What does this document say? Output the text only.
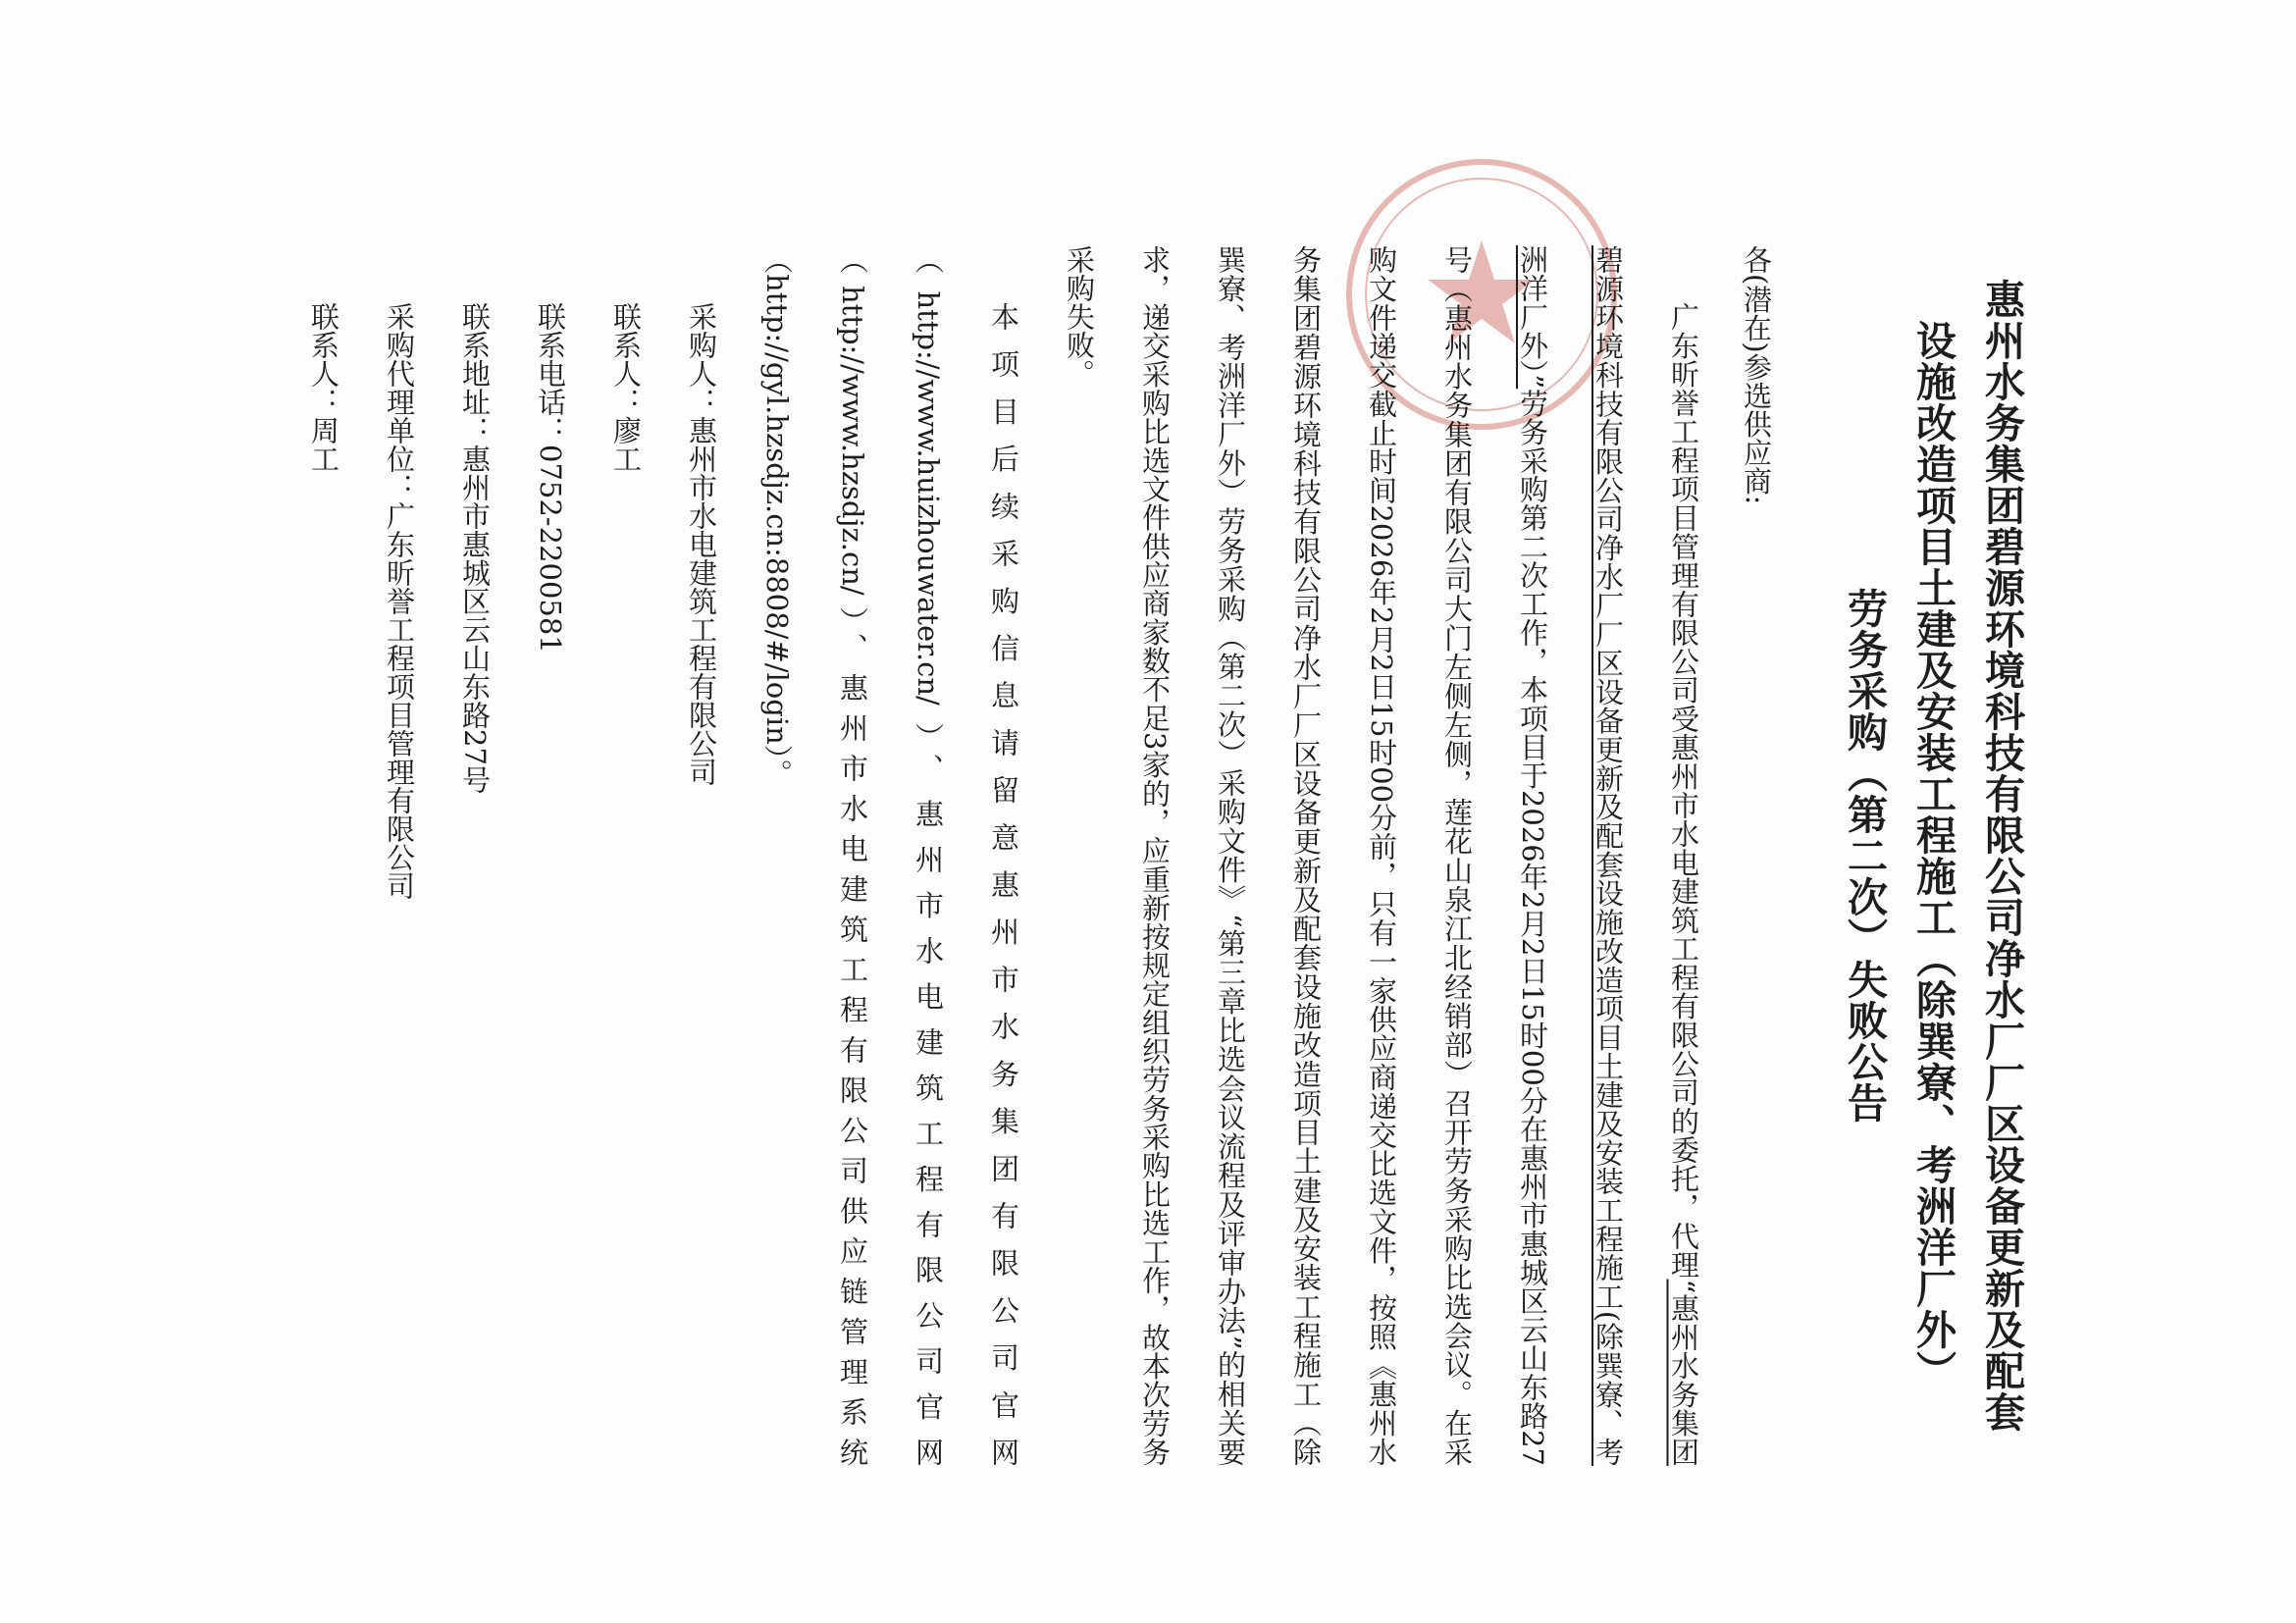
惠州水务集团碧源环境科技有限公司净水厂厂区设备更新及配套
设施改造项目土建及安装工程施工（除巽寮、考洲洋厂外）
劳务采购（第二次）失败公告

各(潜在)参选供应商:

广东昕誉工程项目管理有限公司受惠州市水电建筑工程有限公司的委托，代理“惠州水务集团碧源环境科技有限公司净水厂厂区设备更新及配套设施改造项目土建及安装工程施工(除巽寮、考洲洋厂外）”劳务采购第二次工作，本项目于2026年2月2日15时00分在惠州市惠城区云山东路27号（惠州水务集团有限公司大门左侧左侧，莲花山泉江北经销部）召开劳务采购比选会议。在采购文件递交截止时间2026年2月2日15时00分前，只有一家供应商递交比选文件，按照《惠州水务集团碧源环境科技有限公司净水厂厂区设备更新及配套设施改造项目土建及安装工程施工（除巽寮、考洲洋厂外）劳务采购（第二次）采购文件》“第三章比选会议流程及评审办法”的相关要求，递交采购比选文件供应商家数不足3家的，应重新按规定组织劳务采购比选工作，故本次劳务采购失败。

本项目后续采购信息请留意惠州市水务集团有限公司官网（http://www.huizhouwater.cn/）、惠州市水电建筑工程有限公司官网（http://www.hzsdjz.cn/）、惠州市水电建筑工程有限公司供应链管理系统（http://gyl.hzsdjz.cn:8808/#/login）。

采购人：惠州市水电建筑工程有限公司

联系人：廖工

联系电话：0752-2200581

联系地址：惠州市惠城区云山东路27号

采购代理单位：广东昕誉工程项目管理有限公司

联系人：周工
